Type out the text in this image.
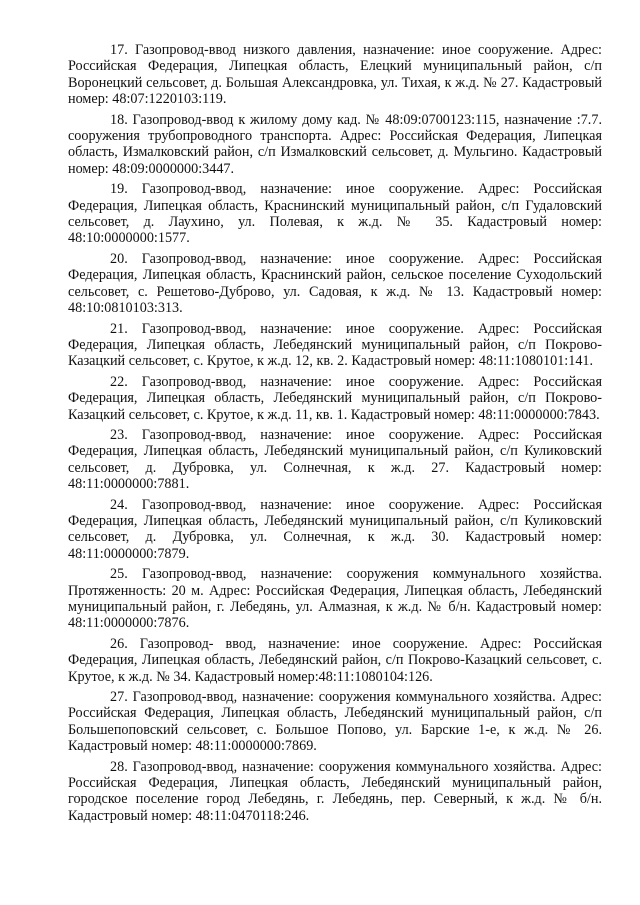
17. Газопровод-ввод низкого давления, назначение: иное сооружение. Адрес: Российская Федерация, Липецкая область, Елецкий муниципальный район, с/п Воронецкий сельсовет, д. Большая Александровка, ул. Тихая, к ж.д. № 27. Кадастровый номер: 48:07:1220103:119.

18. Газопровод-ввод к жилому дому кад. № 48:09:0700123:115, назначение :7.7. сооружения трубопроводного транспорта. Адрес: Российская Федерация, Липецкая область, Измалковский район, с/п Измалковский сельсовет, д. Мульгино. Кадастровый номер: 48:09:0000000:3447.

19. Газопровод-ввод, назначение: иное сооружение. Адрес: Российская Федерация, Липецкая область, Краснинский муниципальный район, с/п Гудаловский сельсовет, д. Лаухино, ул. Полевая, к ж.д. № 35. Кадастровый номер: 48:10:0000000:1577.

20. Газопровод-ввод, назначение: иное сооружение. Адрес: Российская Федерация, Липецкая область, Краснинский район, сельское поселение Суходольский сельсовет, с. Решетово-Дуброво, ул. Садовая, к ж.д. № 13. Кадастровый номер: 48:10:0810103:313.

21. Газопровод-ввод, назначение: иное сооружение. Адрес: Российская Федерация, Липецкая область, Лебедянский муниципальный район, с/п Покрово-Казацкий сельсовет, с. Крутое, к ж.д. 12, кв. 2. Кадастровый номер: 48:11:1080101:141.

22. Газопровод-ввод, назначение: иное сооружение. Адрес: Российская Федерация, Липецкая область, Лебедянский муниципальный район, с/п Покрово-Казацкий сельсовет, с. Крутое, к ж.д. 11, кв. 1. Кадастровый номер: 48:11:0000000:7843.

23. Газопровод-ввод, назначение: иное сооружение. Адрес: Российская Федерация, Липецкая область, Лебедянский муниципальный район, с/п Куликовский сельсовет, д. Дубровка, ул. Солнечная, к ж.д. 27. Кадастровый номер: 48:11:0000000:7881.

24. Газопровод-ввод, назначение: иное сооружение. Адрес: Российская Федерация, Липецкая область, Лебедянский муниципальный район, с/п Куликовский сельсовет, д. Дубровка, ул. Солнечная, к ж.д. 30. Кадастровый номер: 48:11:0000000:7879.

25. Газопровод-ввод, назначение: сооружения коммунального хозяйства. Протяженность: 20 м. Адрес: Российская Федерация, Липецкая область, Лебедянский муниципальный район, г. Лебедянь, ул. Алмазная, к ж.д. № б/н. Кадастровый номер: 48:11:0000000:7876.

26. Газопровод- ввод, назначение: иное сооружение. Адрес: Российская Федерация, Липецкая область, Лебедянский район, с/п Покрово-Казацкий сельсовет, с. Крутое, к ж.д. № 34. Кадастровый номер:48:11:1080104:126.

27. Газопровод-ввод, назначение: сооружения коммунального хозяйства. Адрес: Российская Федерация, Липецкая область, Лебедянский муниципальный район, с/п Большепоповский сельсовет, с. Большое Попово, ул. Барские 1-е, к ж.д. № 26. Кадастровый номер: 48:11:0000000:7869.

28. Газопровод-ввод, назначение: сооружения коммунального хозяйства. Адрес: Российская Федерация, Липецкая область, Лебедянский муниципальный район, городское поселение город Лебедянь, г. Лебедянь, пер. Северный, к ж.д. № б/н. Кадастровый номер: 48:11:0470118:246.
